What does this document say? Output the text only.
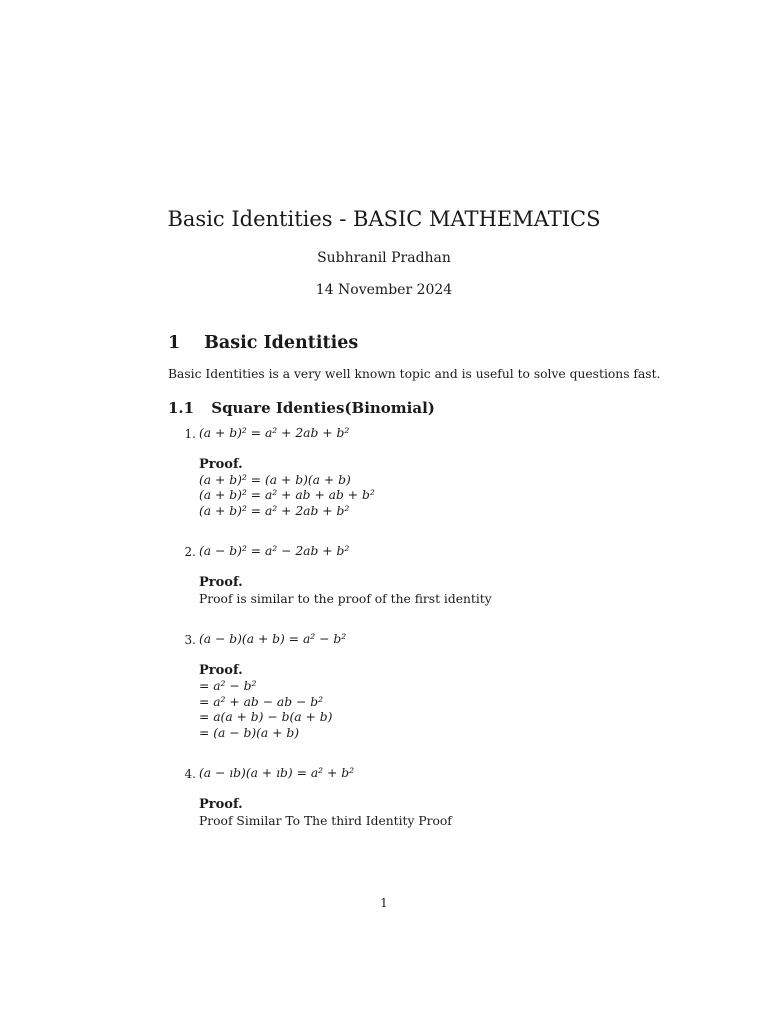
Basic Identities - BASIC MATHEMATICS
Subhranil Pradhan
14 November 2024
1 Basic Identities
Basic Identities is a very well known topic and is useful to solve questions fast.
1.1 Square Identies(Binomial)
1. (a + b)² = a² + 2ab + b²
Proof.
(a + b)² = (a + b)(a + b)
(a + b)² = a² + ab + ab + b²
(a + b)² = a² + 2ab + b²
2. (a − b)² = a² − 2ab + b²
Proof.
Proof is similar to the proof of the first identity
3. (a − b)(a + b) = a² − b²
Proof.
= a² − b²
= a² + ab − ab − b²
= a(a + b) − b(a + b)
= (a − b)(a + b)
4. (a − ıb)(a + ıb) = a² + b²
Proof.
Proof Similar To The third Identity Proof
1
